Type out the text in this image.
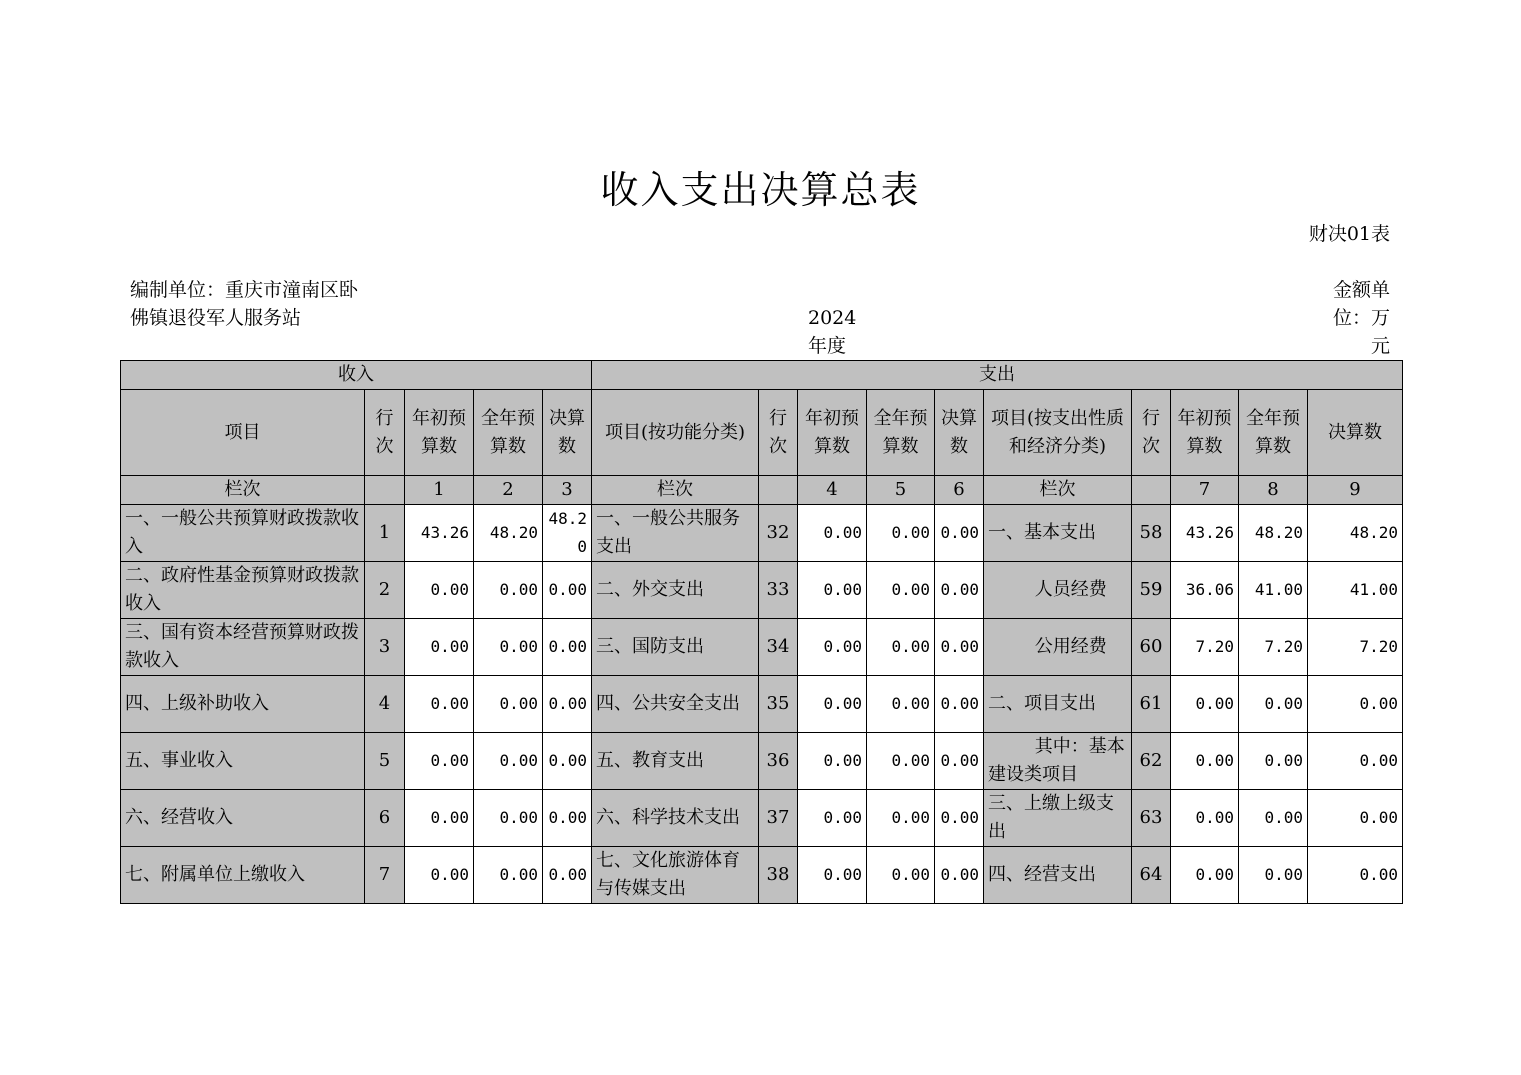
收入支出决算总表
财决01表
编制单位：重庆市潼南区卧佛镇退役军人服务站	2024年度
金额单位：万元
收入					支出									
项目	行次	年初预算数	全年预算数	决算数	项目(按功能分类)	行次	年初预算数	全年预算数	决算数	项目(按支出性质和经济分类)	行次	年初预算数	全年预算数	决算数
栏次		1	2	3	栏次		4	5	6	栏次		7	8	9
一、一般公共预算财政拨款收入	1	43.26	48.20	48.20	一、一般公共服务支出	32	0.00	0.00	0.00	一、基本支出	58	43.26	48.20	48.20
二、政府性基金预算财政拨款收入	2	0.00	0.00	0.00	二、外交支出	33	0.00	0.00	0.00	人员经费	59	36.06	41.00	41.00
三、国有资本经营预算财政拨款收入	3	0.00	0.00	0.00	三、国防支出	34	0.00	0.00	0.00	公用经费	60	7.20	7.20	7.20
四、上级补助收入	4	0.00	0.00	0.00	四、公共安全支出	35	0.00	0.00	0.00	二、项目支出	61	0.00	0.00	0.00
五、事业收入	5	0.00	0.00	0.00	五、教育支出	36	0.00	0.00	0.00	其中：基本建设类项目	62	0.00	0.00	0.00
六、经营收入	6	0.00	0.00	0.00	六、科学技术支出	37	0.00	0.00	0.00	三、上缴上级支出	63	0.00	0.00	0.00
七、附属单位上缴收入	7	0.00	0.00	0.00	七、文化旅游体育与传媒支出	38	0.00	0.00	0.00	四、经营支出	64	0.00	0.00	0.00
